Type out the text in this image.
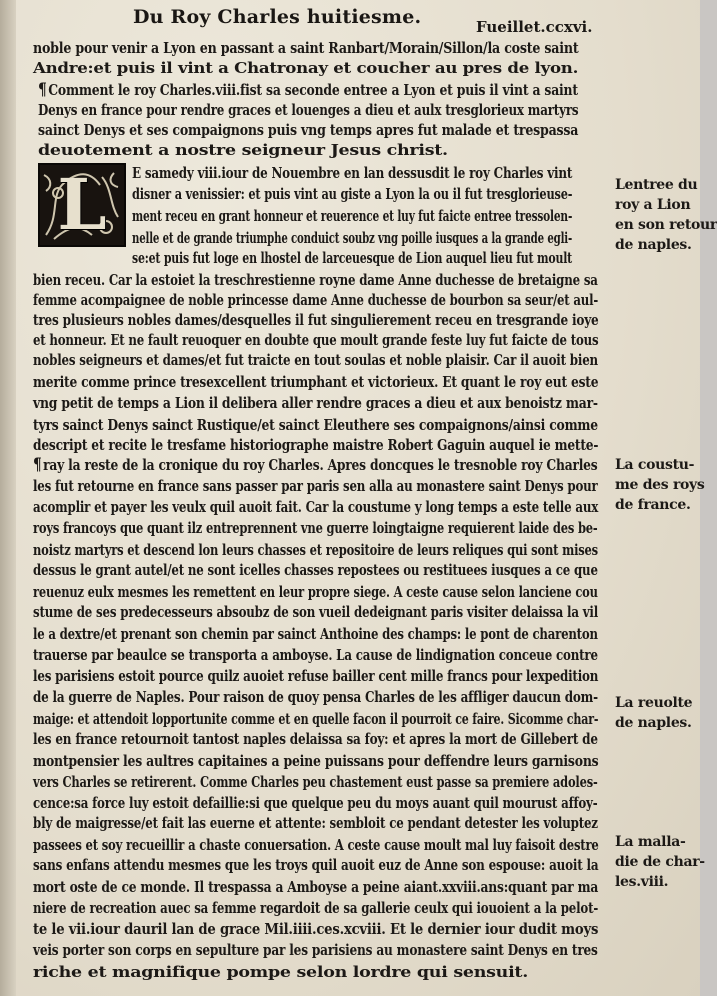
Du Roy Charles huitiesme.	Fueillet.ccxvi.
L
noble pour venir a Lyon en passant a saint Ranbart/Morain/Sillon/la coste saint
Andre:et puis il vint a Chatronay et coucher au pres de lyon.
¶ Comment le roy Charles.viii.fist sa seconde entree a Lyon et puis il vint a saint
Denys en france pour rendre graces et louenges a dieu et aulx tresglorieux martyrs
sainct Denys et ses compaignons puis vng temps apres fut malade et trespassa
deuotement a nostre seigneur Jesus christ.
E samedy viii.iour de Nouembre en lan dessusdit le roy Charles vint
disner a venissier: et puis vint au giste a Lyon la ou il fut tresglorieuse-
ment receu en grant honneur et reuerence et luy fut faicte entree tressolen-
nelle et de grande triumphe conduict soubz vng poille iusques a la grande egli-
se:et puis fut loge en lhostel de larceuesque de Lion auquel lieu fut moult
bien receu. Car la estoiet la treschrestienne royne dame Anne duchesse de bretaigne sa
femme acompaignee de noble princesse dame Anne duchesse de bourbon sa seur/et aul-
tres plusieurs nobles dames/desquelles il fut singulierement receu en tresgrande ioye
et honneur. Et ne fault reuoquer en doubte que moult grande feste luy fut faicte de tous
nobles seigneurs et dames/et fut traicte en tout soulas et noble plaisir. Car il auoit bien
merite comme prince tresexcellent triumphant et victorieux. Et quant le roy eut este
vng petit de temps a Lion il delibera aller rendre graces a dieu et aux benoistz mar-
tyrs sainct Denys sainct Rustique/et sainct Eleuthere ses compaignons/ainsi comme
descript et recite le tresfame historiographe maistre Robert Gaguin auquel ie mette-
¶ ray la reste de la cronique du roy Charles. Apres doncques le tresnoble roy Charles
les fut retourne en france sans passer par paris sen alla au monastere saint Denys pour
acomplir et payer les veulx quil auoit fait. Car la coustume y long temps a este telle aux
roys francoys que quant ilz entreprennent vne guerre loingtaigne requierent laide des be-
noistz martyrs et descend lon leurs chasses et repositoire de leurs reliques qui sont mises
dessus le grant autel/et ne sont icelles chasses repostees ou restituees iusques a ce que
reuenuz eulx mesmes les remettent en leur propre siege. A ceste cause selon lanciene cou
stume de ses predecesseurs absoubz de son vueil dedeignant paris visiter delaissa la vil
le a dextre/et prenant son chemin par sainct Anthoine des champs: le pont de charenton
trauerse par beaulce se transporta a amboyse. La cause de lindignation conceue contre
les parisiens estoit pource quilz auoiet refuse bailler cent mille francs pour lexpedition
de la guerre de Naples. Pour raison de quoy pensa Charles de les affliger daucun dom-
maige: et attendoit lopportunite comme et en quelle facon il pourroit ce faire. Sicomme char-
les en france retournoit tantost naples delaissa sa foy: et apres la mort de Gillebert de
montpensier les aultres capitaines a peine puissans pour deffendre leurs garnisons
vers Charles se retirerent. Comme Charles peu chastement eust passe sa premiere adoles-
cence:sa force luy estoit defaillie:si que quelque peu du moys auant quil mourust affoy-
bly de maigresse/et fait las euerne et attente: sembloit ce pendant detester les voluptez
passees et soy recueillir a chaste conuersation. A ceste cause moult mal luy faisoit destre
sans enfans attendu mesmes que les troys quil auoit euz de Anne son espouse: auoit la
mort oste de ce monde. Il trespassa a Amboyse a peine aiant.xxviii.ans:quant par ma
niere de recreation auec sa femme regardoit de sa gallerie ceulx qui iouoient a la pelot-
te le vii.iour dauril lan de grace Mil.iiii.ces.xcviii. Et le dernier iour dudit moys
veis porter son corps en sepulture par les parisiens au monastere saint Denys en tres
riche et magnifique pompe selon lordre qui sensuit.
Lentree du
roy a Lion
en son retour
de naples.
La coustu-
me des roys
de france.
La reuolte
de naples.
La malla-
die de char-
les.viii.
